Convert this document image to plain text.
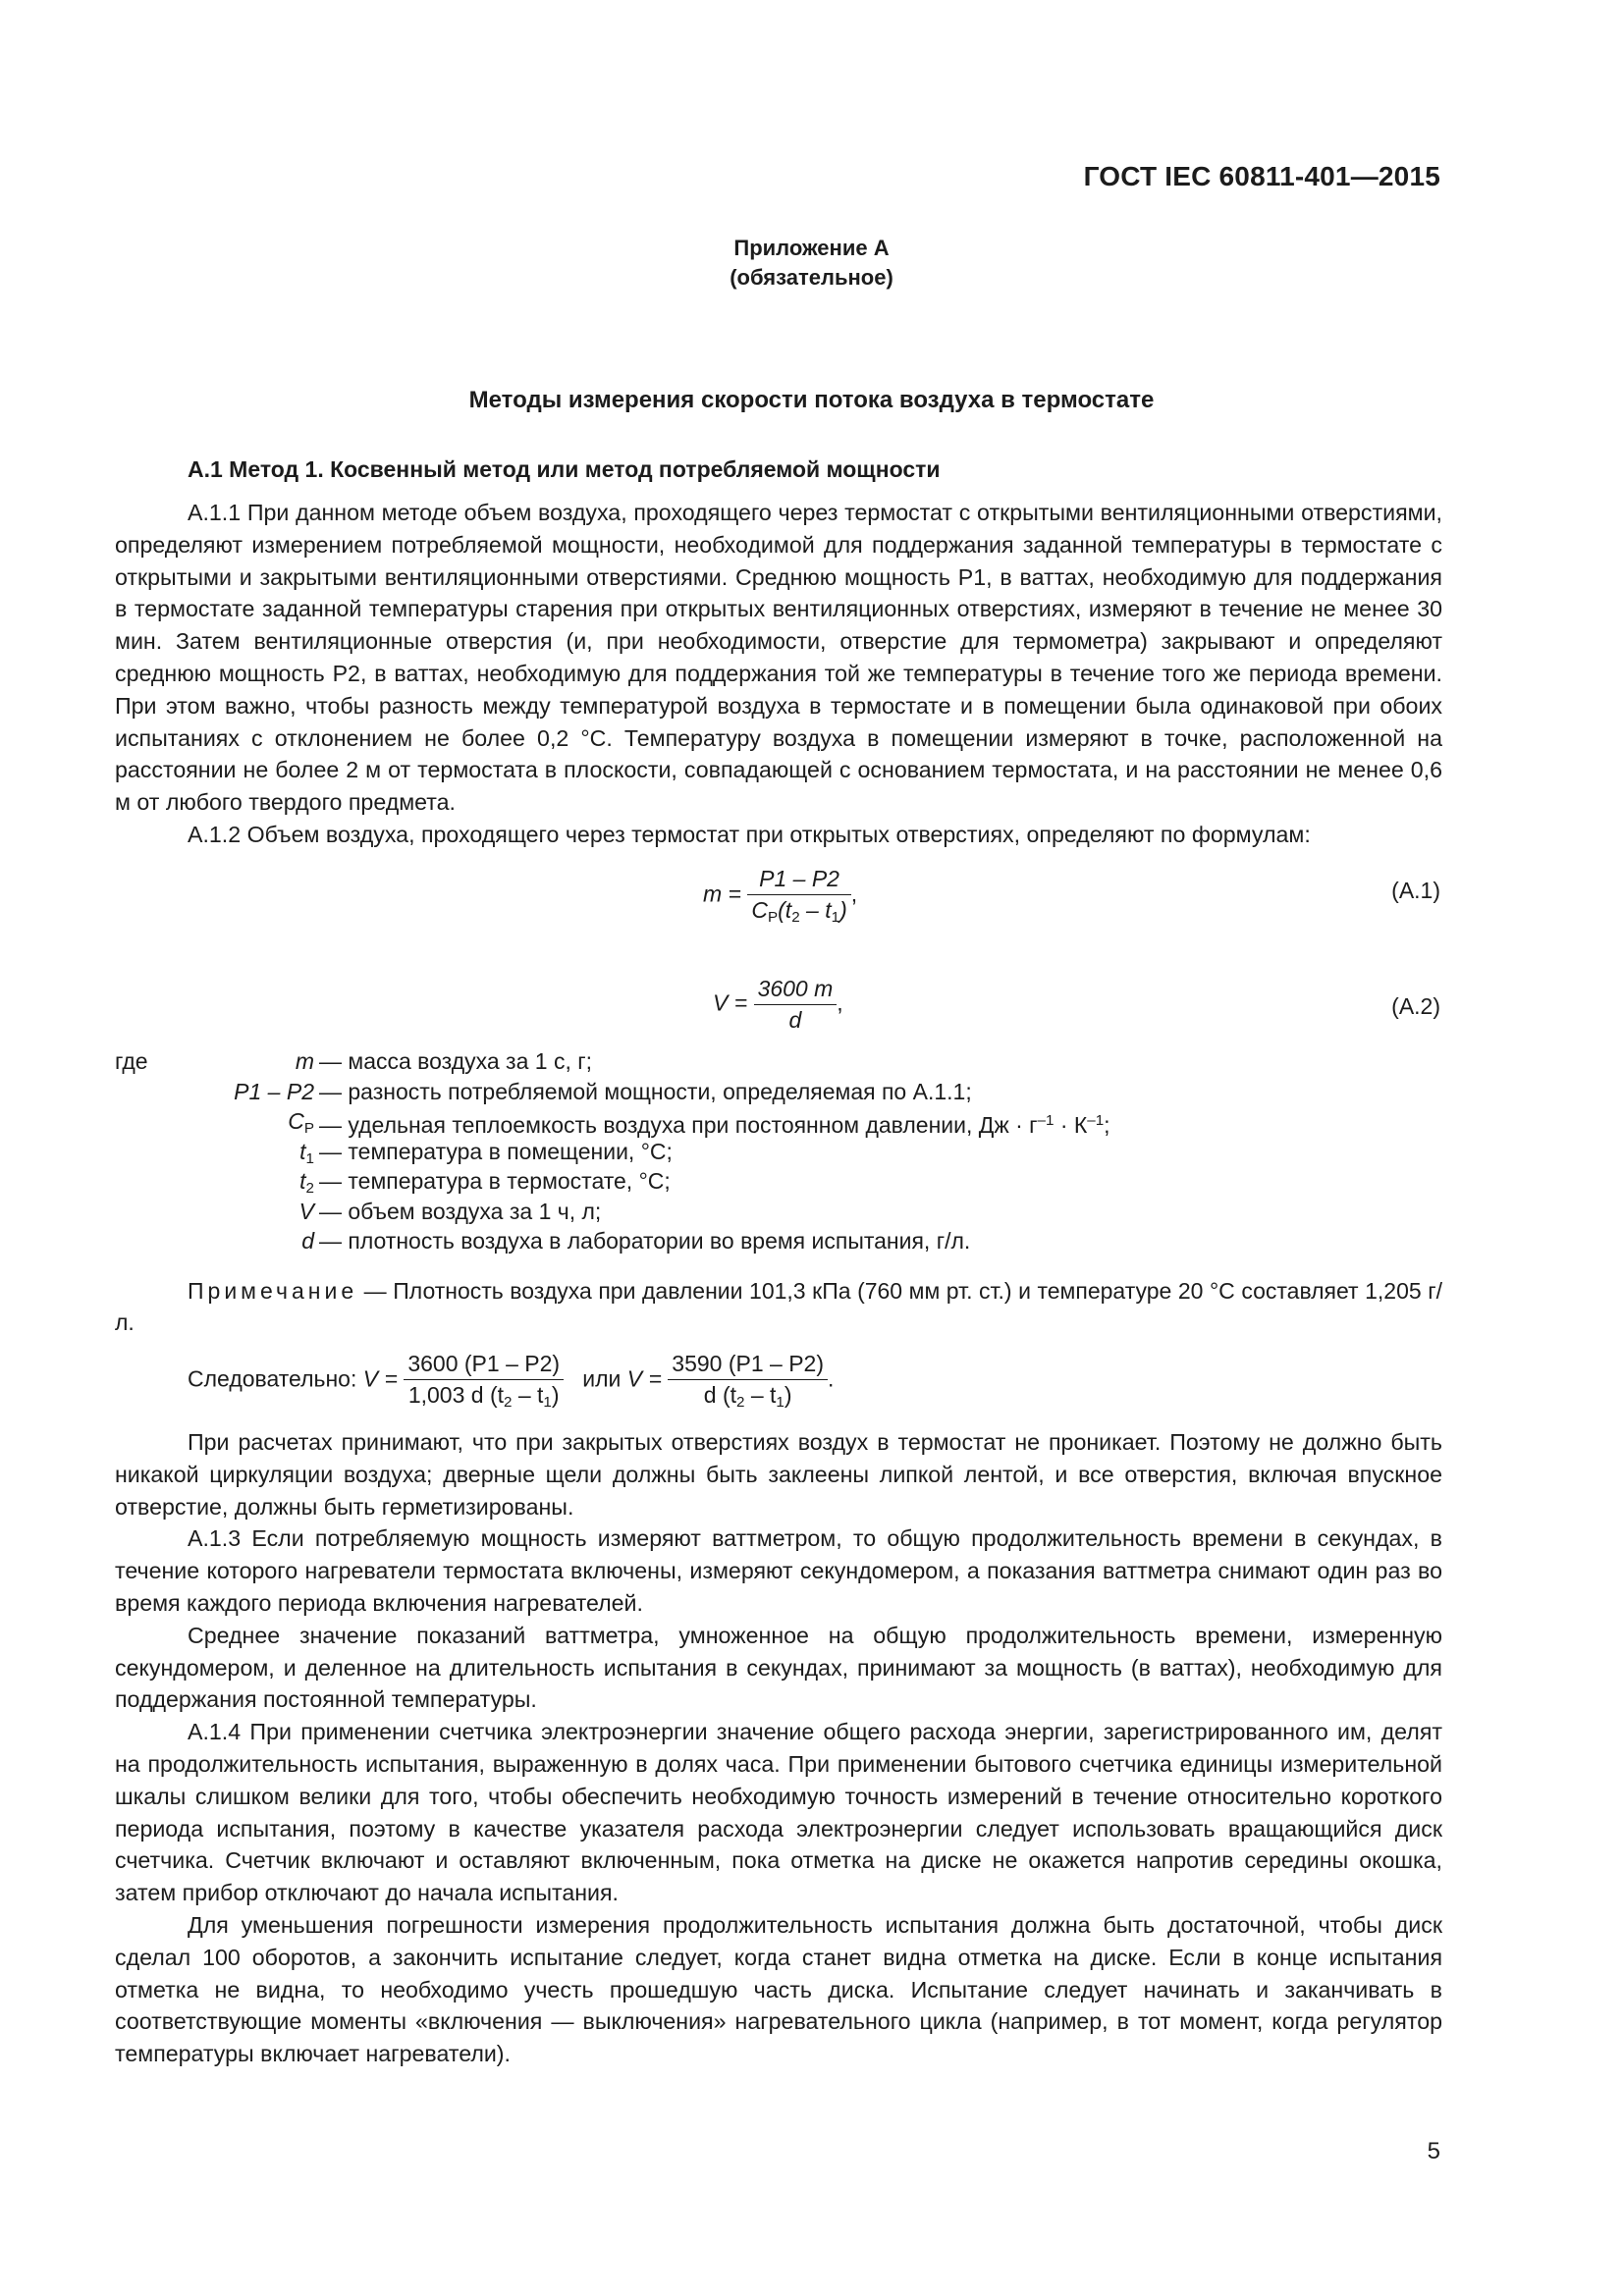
ГОСТ IEC 60811-401—2015
Приложение А
(обязательное)
Методы измерения скорости потока воздуха в термостате
А.1 Метод 1. Косвенный метод или метод потребляемой мощности

А.1.1 При данном методе объем воздуха, проходящего через термостат с открытыми вентиляционными отверстиями, определяют измерением потребляемой мощности, необходимой для поддержания заданной температуры в термостате с открытыми и закрытыми вентиляционными отверстиями. Среднюю мощность P1, в ваттах, необходимую для поддержания в термостате заданной температуры старения при открытых вентиляционных отверстиях, измеряют в течение не менее 30 мин. Затем вентиляционные отверстия (и, при необходимости, отверстие для термометра) закрывают и определяют среднюю мощность P2, в ваттах, необходимую для поддержания той же температуры в течение того же периода времени. При этом важно, чтобы разность между температурой воздуха в термостате и в помещении была одинаковой при обоих испытаниях с отклонением не более 0,2 °С. Температуру воздуха в помещении измеряют в точке, расположенной на расстоянии не более 2 м от термостата в плоскости, совпадающей с основанием термостата, и на расстоянии не менее 0,6 м от любого твердого предмета.

А.1.2 Объем воздуха, проходящего через термостат при открытых отверстиях, определяют по формулам:

$m = \frac{P1 - P2}{C_P(t_2 - t_1)}$ ,	(А.1)
$V = \frac{3600 m}{d}$ ,	(А.2)
где	m — масса воздуха за 1 с, г;
P1 – P2 — разность потребляемой мощности, определяемая по А.1.1;
$C_P$ — удельная теплоемкость воздуха при постоянном давлении, Дж · $г^{-1} \cdot К^{-1}$;
$t_1$ — температура в помещении, °С;
$t_2$ — температура в термостате, °С;
V — объем воздуха за 1 ч, л;
d — плотность воздуха в лаборатории во время испытания, г/л.
Примечание — Плотность воздуха при давлении 101,3 кПа (760 мм рт. ст.) и температуре 20 °С составляет 1,205 г/л.
Следовательно: $V = \frac{3600 (P1 - P2)}{1,003 d (t_2 - t_1)}$ или $V = \frac{3590 (P1 - P2)}{d (t_2 - t_1)}$ .

При расчетах принимают, что при закрытых отверстиях воздух в термостат не проникает. Поэтому не должно быть никакой циркуляции воздуха; дверные щели должны быть заклеены липкой лентой, и все отверстия, включая впускное отверстие, должны быть герметизированы.

А.1.3 Если потребляемую мощность измеряют ваттметром, то общую продолжительность времени в секундах, в течение которого нагреватели термостата включены, измеряют секундомером, а показания ваттметра снимают один раз во время каждого периода включения нагревателей.

Среднее значение показаний ваттметра, умноженное на общую продолжительность времени, измеренную секундомером, и деленное на длительность испытания в секундах, принимают за мощность (в ваттах), необходимую для поддержания постоянной температуры.

А.1.4 При применении счетчика электроэнергии значение общего расхода энергии, зарегистрированного им, делят на продолжительность испытания, выраженную в долях часа. При применении бытового счетчика единицы измерительной шкалы слишком велики для того, чтобы обеспечить необходимую точность измерений в течение относительно короткого периода испытания, поэтому в качестве указателя расхода электроэнергии следует использовать вращающийся диск счетчика. Счетчик включают и оставляют включенным, пока отметка на диске не окажется напротив середины окошка, затем прибор отключают до начала испытания.

Для уменьшения погрешности измерения продолжительность испытания должна быть достаточной, чтобы диск сделал 100 оборотов, а закончить испытание следует, когда станет видна отметка на диске. Если в конце испытания отметка не видна, то необходимо учесть прошедшую часть диска. Испытание следует начинать и заканчивать в соответствующие моменты «включения — выключения» нагревательного цикла (например, в тот момент, когда регулятор температуры включает нагреватели).

5
